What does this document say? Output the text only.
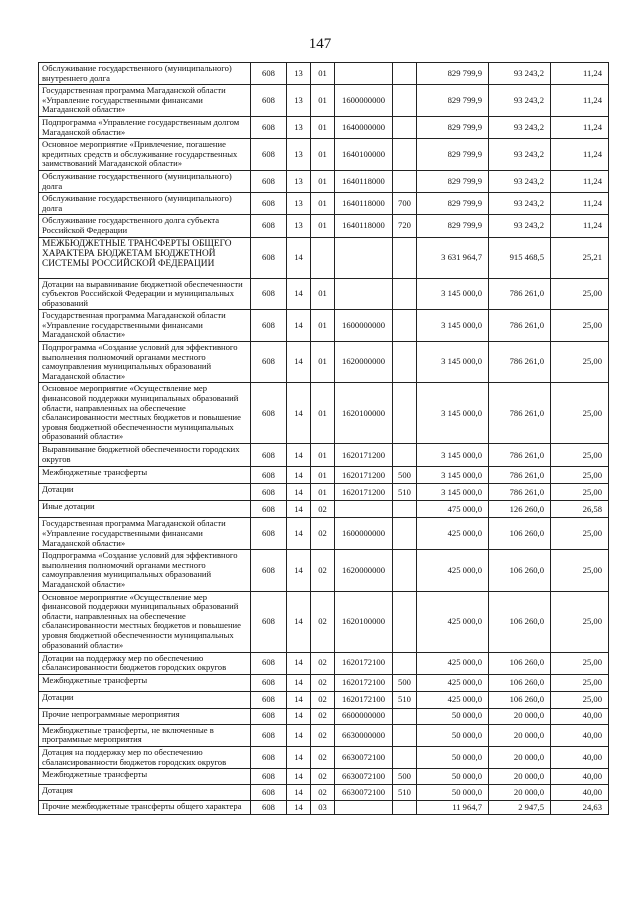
147
Обслуживание государственного (муниципального) внутреннего долга	608	13	01			829 799,9	93 243,2	11,24
Государственная программа Магаданской области «Управление государственными финансами Магаданской области»	608	13	01	1600000000		829 799,9	93 243,2	11,24
Подпрограмма «Управление государственным долгом Магаданской области»	608	13	01	1640000000		829 799,9	93 243,2	11,24
Основное мероприятие «Привлечение, погашение кредитных средств и обслуживание государственных заимствований Магаданской области»	608	13	01	1640100000		829 799,9	93 243,2	11,24
Обслуживание государственного (муниципального) долга	608	13	01	1640118000		829 799,9	93 243,2	11,24
Обслуживание государственного (муниципального) долга	608	13	01	1640118000	700	829 799,9	93 243,2	11,24
Обслуживание государственного долга субъекта Российской Федерации	608	13	01	1640118000	720	829 799,9	93 243,2	11,24
МЕЖБЮДЖЕТНЫЕ ТРАНСФЕРТЫ ОБЩЕГО ХАРАКТЕРА БЮДЖЕТАМ БЮДЖЕТНОЙ СИСТЕМЫ РОССИЙСКОЙ ФЕДЕРАЦИИ	608	14				3 631 964,7	915 468,5	25,21
Дотации на выравнивание бюджетной обеспеченности субъектов Российской Федерации и муниципальных образований	608	14	01			3 145 000,0	786 261,0	25,00
Государственная программа Магаданской области «Управление государственными финансами Магаданской области»	608	14	01	1600000000		3 145 000,0	786 261,0	25,00
Подпрограмма «Создание условий для эффективного выполнения полномочий органами местного самоуправления муниципальных образований Магаданской области»	608	14	01	1620000000		3 145 000,0	786 261,0	25,00
Основное мероприятие «Осуществление мер финансовой поддержки муниципальных образований области, направленных на обеспечение сбалансированности местных бюджетов и повышение уровня бюджетной обеспеченности муниципальных образований области»	608	14	01	1620100000		3 145 000,0	786 261,0	25,00
Выравнивание бюджетной обеспеченности городских округов	608	14	01	1620171200		3 145 000,0	786 261,0	25,00
Межбюджетные трансферты	608	14	01	1620171200	500	3 145 000,0	786 261,0	25,00
Дотации	608	14	01	1620171200	510	3 145 000,0	786 261,0	25,00
Иные дотации	608	14	02			475 000,0	126 260,0	26,58
Государственная программа Магаданской области «Управление государственными финансами Магаданской области»	608	14	02	1600000000		425 000,0	106 260,0	25,00
Подпрограмма «Создание условий для эффективного выполнения полномочий органами местного самоуправления муниципальных образований Магаданской области»	608	14	02	1620000000		425 000,0	106 260,0	25,00
Основное мероприятие «Осуществление мер финансовой поддержки муниципальных образований области, направленных на обеспечение сбалансированности местных бюджетов и повышение уровня бюджетной обеспеченности муниципальных образований области»	608	14	02	1620100000		425 000,0	106 260,0	25,00
Дотации на поддержку мер по обеспечению сбалансированности бюджетов городских округов	608	14	02	1620172100		425 000,0	106 260,0	25,00
Межбюджетные трансферты	608	14	02	1620172100	500	425 000,0	106 260,0	25,00
Дотации	608	14	02	1620172100	510	425 000,0	106 260,0	25,00
Прочие непрограммные мероприятия	608	14	02	6600000000		50 000,0	20 000,0	40,00
Межбюджетные трансферты, не включенные в программные мероприятия	608	14	02	6630000000		50 000,0	20 000,0	40,00
Дотация на поддержку мер по обеспечению сбалансированности бюджетов городских округов	608	14	02	6630072100		50 000,0	20 000,0	40,00
Межбюджетные трансферты	608	14	02	6630072100	500	50 000,0	20 000,0	40,00
Дотация	608	14	02	6630072100	510	50 000,0	20 000,0	40,00
Прочие межбюджетные трансферты общего характера	608	14	03			11 964,7	2 947,5	24,63
